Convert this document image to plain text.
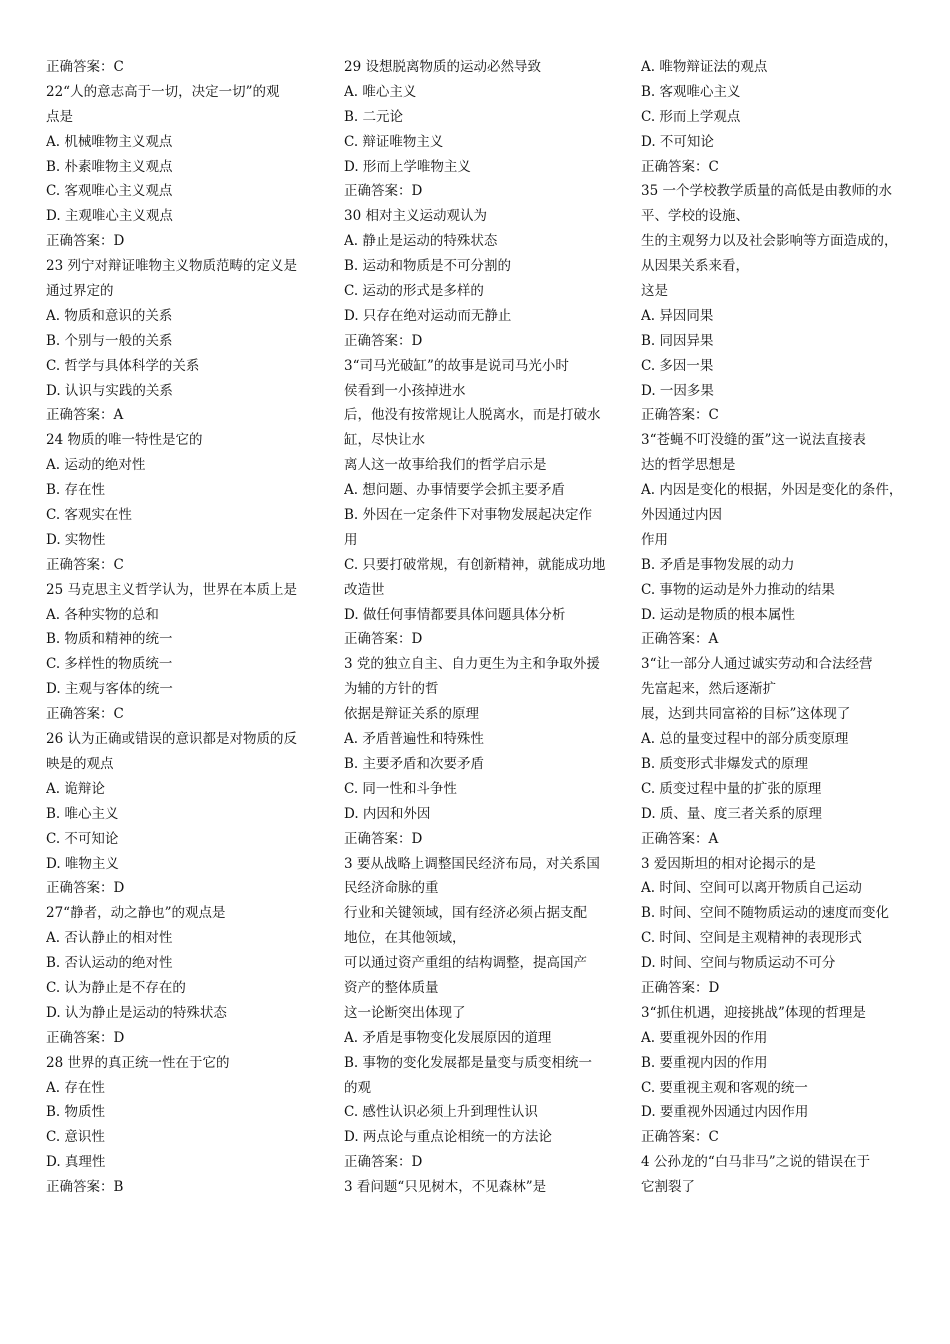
正确答案：C
22“人的意志高于一切，决定一切”的观
点是
A. 机械唯物主义观点
B. 朴素唯物主义观点
C. 客观唯心主义观点
D. 主观唯心主义观点
正确答案：D
23 列宁对辩证唯物主义物质范畴的定义是
通过界定的
A. 物质和意识的关系
B. 个别与一般的关系
C. 哲学与具体科学的关系
D. 认识与实践的关系
正确答案：A
24 物质的唯一特性是它的
A. 运动的绝对性
B. 存在性
C. 客观实在性
D. 实物性
正确答案：C
25 马克思主义哲学认为，世界在本质上是
A. 各种实物的总和
B. 物质和精神的统一
C. 多样性的物质统一
D. 主观与客体的统一
正确答案：C
26 认为正确或错误的意识都是对物质的反
映是的观点
A. 诡辩论
B. 唯心主义
C. 不可知论
D. 唯物主义
正确答案：D
27“静者，动之静也”的观点是
A. 否认静止的相对性
B. 否认运动的绝对性
C. 认为静止是不存在的
D. 认为静止是运动的特殊状态
正确答案：D
28 世界的真正统一性在于它的
A. 存在性
B. 物质性
C. 意识性
D. 真理性
正确答案：B
29 设想脱离物质的运动必然导致
A. 唯心主义
B. 二元论
C. 辩证唯物主义
D. 形而上学唯物主义
正确答案：D
30 相对主义运动观认为
A. 静止是运动的特殊状态
B. 运动和物质是不可分割的
C. 运动的形式是多样的
D. 只存在绝对运动而无静止
正确答案：D
3“司马光破缸”的故事是说司马光小时
侯看到一小孩掉进水
后，他没有按常规让人脱离水，而是打破水
缸，尽快让水
离人这一故事给我们的哲学启示是
A. 想问题、办事情要学会抓主要矛盾
B. 外因在一定条件下对事物发展起决定作
用
C. 只要打破常规，有创新精神，就能成功地
改造世
D. 做任何事情都要具体问题具体分析
正确答案：D
3 党的独立自主、自力更生为主和争取外援
为辅的方针的哲
依据是辩证关系的原理
A. 矛盾普遍性和特殊性
B. 主要矛盾和次要矛盾
C. 同一性和斗争性
D. 内因和外因
正确答案：D
3 要从战略上调整国民经济布局，对关系国
民经济命脉的重
行业和关键领域，国有经济必须占据支配
地位，在其他领域，
可以通过资产重组的结构调整，提高国产
资产的整体质量
这一论断突出体现了
A. 矛盾是事物变化发展原因的道理
B. 事物的变化发展都是量变与质变相统一
的观
C. 感性认识必须上升到理性认识
D. 两点论与重点论相统一的方法论
正确答案：D
3 看问题“只见树木，不见森林”是
A. 唯物辩证法的观点
B. 客观唯心主义
C. 形而上学观点
D. 不可知论
正确答案：C
35 一个学校教学质量的高低是由教师的水
平、学校的设施、
生的主观努力以及社会影响等方面造成的，
从因果关系来看，
这是
A. 异因同果
B. 同因异果
C. 多因一果
D. 一因多果
正确答案：C
3“苍蝇不叮没缝的蛋”这一说法直接表
达的哲学思想是
A. 内因是变化的根据，外因是变化的条件，
外因通过内因
作用
B. 矛盾是事物发展的动力
C. 事物的运动是外力推动的结果
D. 运动是物质的根本属性
正确答案：A
3“让一部分人通过诚实劳动和合法经营
先富起来，然后逐渐扩
展，达到共同富裕的目标”这体现了
A. 总的量变过程中的部分质变原理
B. 质变形式非爆发式的原理
C. 质变过程中量的扩张的原理
D. 质、量、度三者关系的原理
正确答案：A
3 爱因斯坦的相对论揭示的是
A. 时间、空间可以离开物质自己运动
B. 时间、空间不随物质运动的速度而变化
C. 时间、空间是主观精神的表现形式
D. 时间、空间与物质运动不可分
正确答案：D
3“抓住机遇，迎接挑战”体现的哲理是
A. 要重视外因的作用
B. 要重视内因的作用
C. 要重视主观和客观的统一
D. 要重视外因通过内因作用
正确答案：C
4 公孙龙的“白马非马”之说的错误在于
它割裂了
